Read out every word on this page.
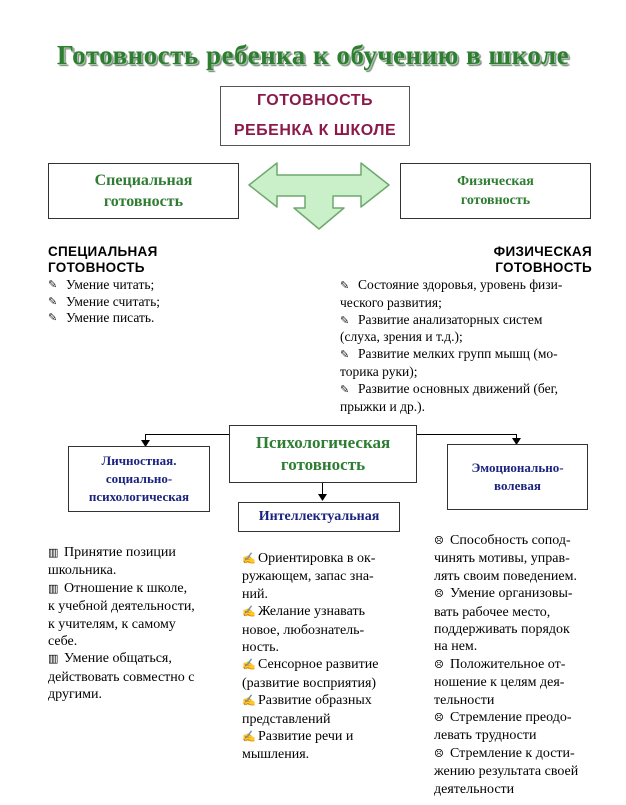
Готовность ребенка к обучению в школе
ГОТОВНОСТЬ
РЕБЕНКА К ШКОЛЕ
Специальная
готовность
Физическая
готовность
СПЕЦИАЛЬНАЯ
ГОТОВНОСТЬ
✎ Умение читать;
✎ Умение считать;
✎ Умение писать.
ФИЗИЧЕСКАЯ
ГОТОВНОСТЬ
✎ Состояние здоровья, уровень физи-
ческого развития;
✎ Развитие анализаторных систем
(слуха, зрения и т.д.);
✎ Развитие мелких групп мышц (мо-
торика руки);
✎ Развитие основных движений (бег,
прыжки и др.).
Психологическая
готовность
Личностная.
социально-
психологическая
Эмоционально-
волевая
Интеллектуальная
▥ Принятие позиции
школьника.
▥ Отношение к школе,
к учебной деятельности,
к учителям, к самому
себе.
▥ Умение общаться,
действовать совместно с
другими.
✍ Ориентировка в ок-
ружающем, запас зна-
ний.
✍ Желание узнавать
новое, любознатель-
ность.
✍ Сенсорное развитие
(развитие восприятия)
✍ Развитие образных
представлений
✍ Развитие речи и
мышления.
☹ Способность сопод-
чинять мотивы, управ-
лять своим поведением.
☹ Умение организовы-
вать рабочее место,
поддерживать порядок
на нем.
☹ Положительное от-
ношение к целям дея-
тельности
☹ Стремление преодо-
левать трудности
☹ Стремление к дости-
жению результата своей
деятельности
